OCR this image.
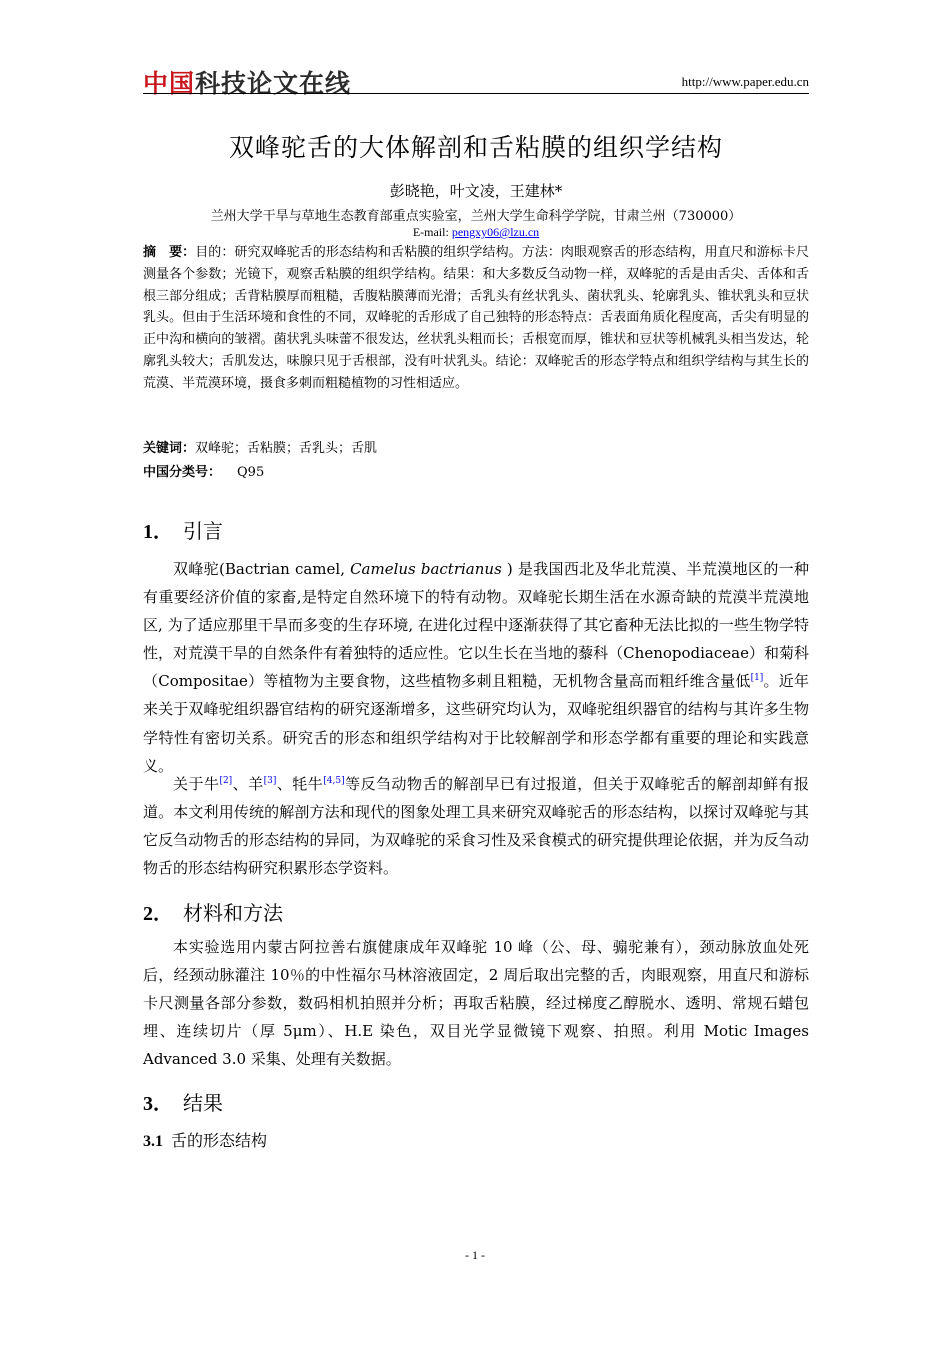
中国科技论文在线	http://www.paper.edu.cn
双峰驼舌的大体解剖和舌粘膜的组织学结构
彭晓艳，叶文凌，王建林*
兰州大学干旱与草地生态教育部重点实验室，兰州大学生命科学学院，甘肃兰州（730000）
E-mail: pengxy06@lzu.cn
摘　要：目的：研究双峰驼舌的形态结构和舌粘膜的组织学结构。方法：肉眼观察舌的形态结构，用直尺和游标卡尺测量各个参数；光镜下，观察舌粘膜的组织学结构。结果：和大多数反刍动物一样，双峰驼的舌是由舌尖、舌体和舌根三部分组成；舌背粘膜厚而粗糙，舌腹粘膜薄而光滑；舌乳头有丝状乳头、菌状乳头、轮廓乳头、锥状乳头和豆状乳头。但由于生活环境和食性的不同，双峰驼的舌形成了自己独特的形态特点：舌表面角质化程度高，舌尖有明显的正中沟和横向的皱褶。菌状乳头味蕾不很发达，丝状乳头粗而长；舌根宽而厚，锥状和豆状等机械乳头相当发达，轮廓乳头较大；舌肌发达，味腺只见于舌根部，没有叶状乳头。结论：双峰驼舌的形态学特点和组织学结构与其生长的荒漠、半荒漠环境，摄食多刺而粗糙植物的习性相适应。
关键词：双峰驼；舌粘膜；舌乳头；舌肌
中国分类号： Q95
1． 引言
双峰驼(Bactrian camel, Camelus bactrianus ) 是我国西北及华北荒漠、半荒漠地区的一种有重要经济价值的家畜,是特定自然环境下的特有动物。双峰驼长期生活在水源奇缺的荒漠半荒漠地区, 为了适应那里干旱而多变的生存环境, 在进化过程中逐渐获得了其它畜种无法比拟的一些生物学特性，对荒漠干旱的自然条件有着独特的适应性。它以生长在当地的藜科（Chenopodiaceae）和菊科（Compositae）等植物为主要食物，这些植物多刺且粗糙，无机物含量高而粗纤维含量低[1]。近年来关于双峰驼组织器官结构的研究逐渐增多，这些研究均认为，双峰驼组织器官的结构与其许多生物学特性有密切关系。研究舌的形态和组织学结构对于比较解剖学和形态学都有重要的理论和实践意义。
关于牛[2]、羊[3]、牦牛[4,5]等反刍动物舌的解剖早已有过报道，但关于双峰驼舌的解剖却鲜有报道。本文利用传统的解剖方法和现代的图象处理工具来研究双峰驼舌的形态结构，以探讨双峰驼与其它反刍动物舌的形态结构的异同，为双峰驼的采食习性及采食模式的研究提供理论依据，并为反刍动物舌的形态结构研究积累形态学资料。
2． 材料和方法
本实验选用内蒙古阿拉善右旗健康成年双峰驼 10 峰（公、母、骟驼兼有），颈动脉放血处死后，经颈动脉灌注 10％的中性福尔马林溶液固定，2 周后取出完整的舌，肉眼观察，用直尺和游标卡尺测量各部分参数，数码相机拍照并分析；再取舌粘膜，经过梯度乙醇脱水、透明、常规石蜡包埋、连续切片（厚 5μm）、H.E 染色，双目光学显微镜下观察、拍照。利用 Motic Images Advanced 3.0 采集、处理有关数据。
3． 结果
3.1 舌的形态结构
- 1 -
